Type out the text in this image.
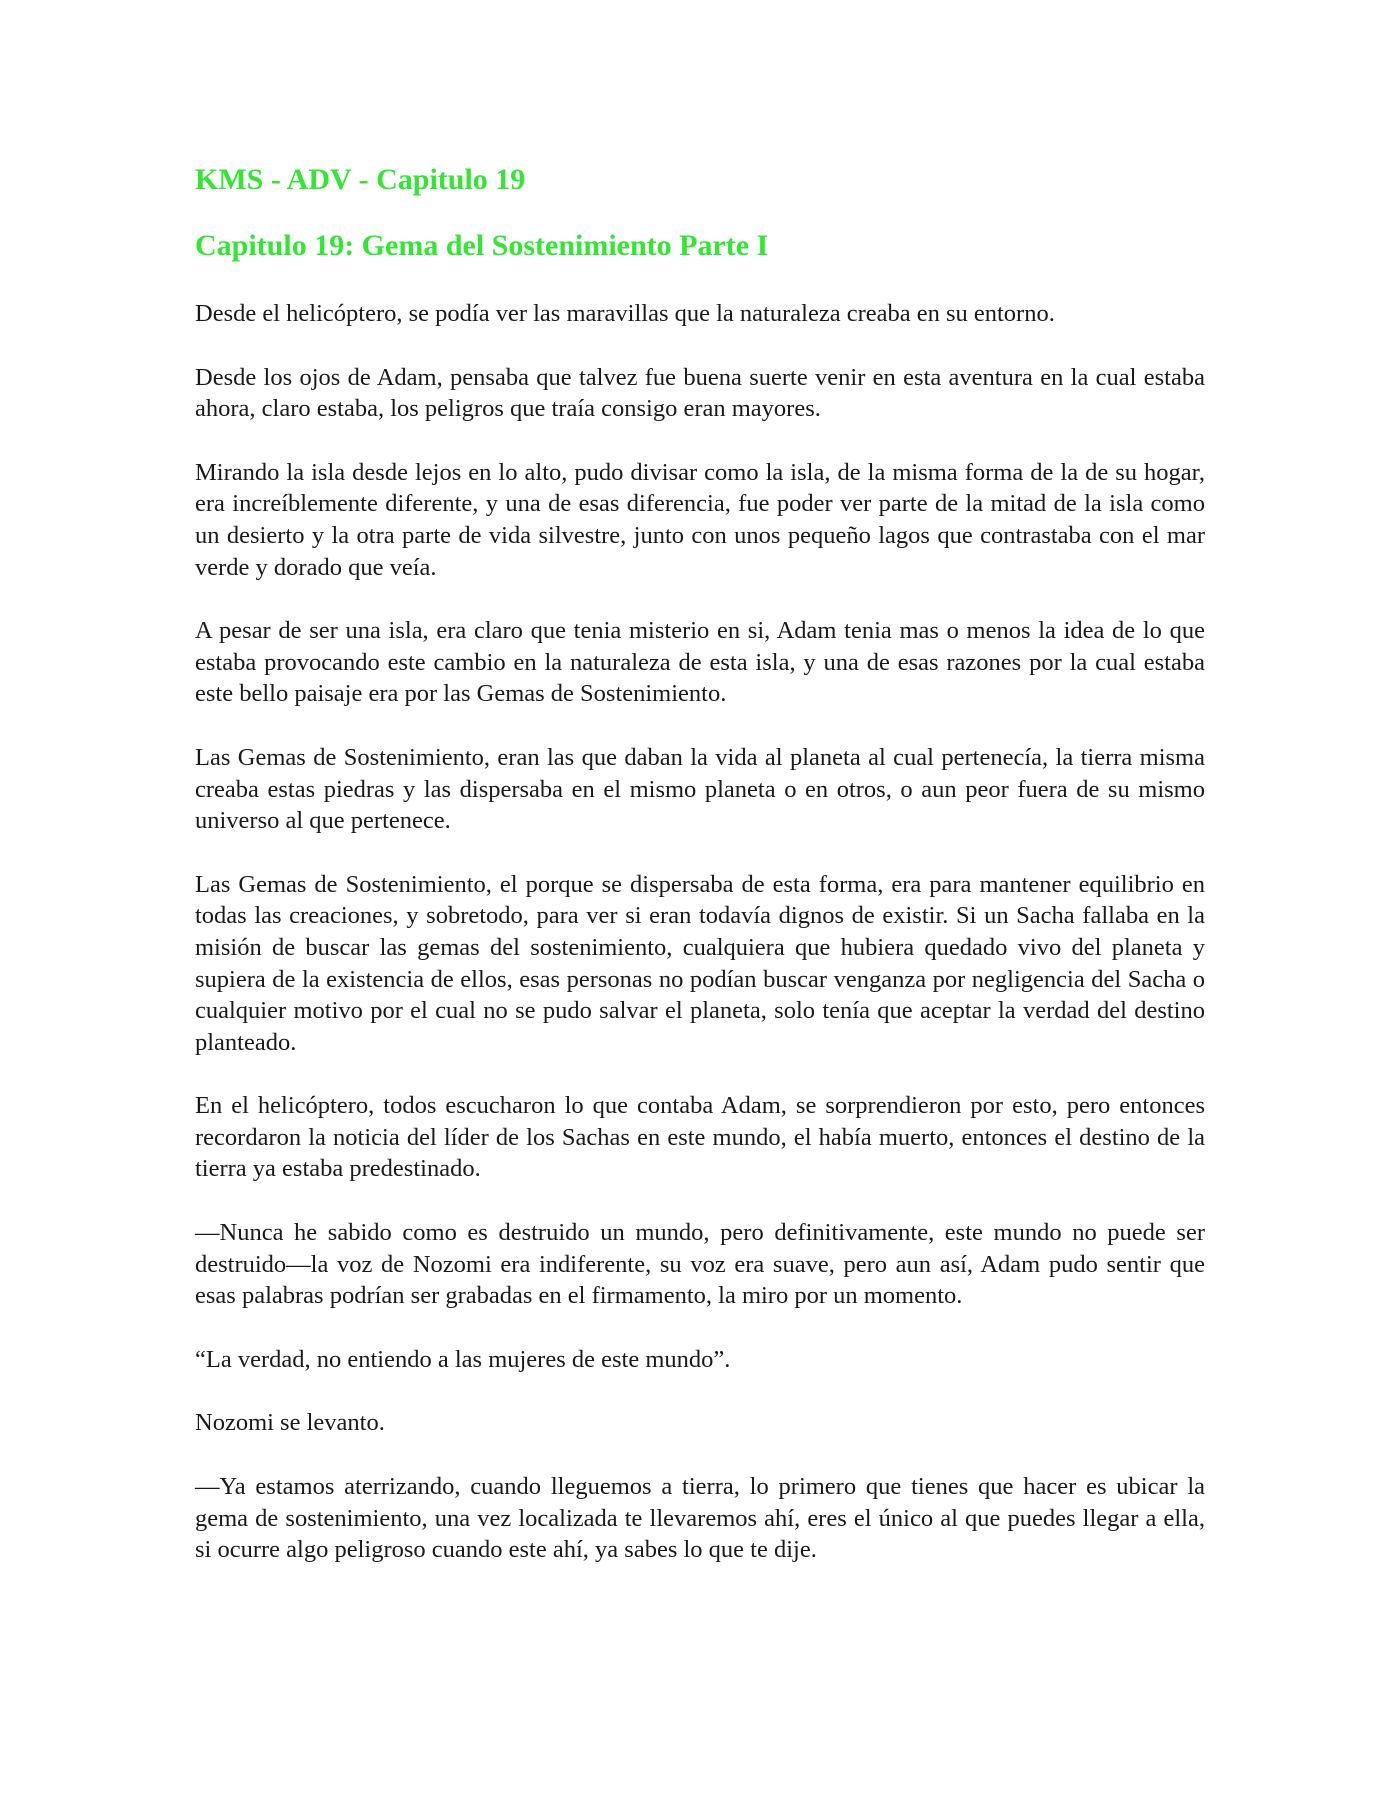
KMS - ADV - Capitulo 19
Capitulo 19: Gema del Sostenimiento Parte I

Desde el helicóptero, se podía ver las maravillas que la naturaleza creaba en su entorno.

Desde los ojos de Adam, pensaba que talvez fue buena suerte venir en esta aventura en la cual estaba ahora, claro estaba, los peligros que traía consigo eran mayores.

Mirando la isla desde lejos en lo alto, pudo divisar como la isla, de la misma forma de la de su hogar, era increíblemente diferente, y una de esas diferencia, fue poder ver parte de la mitad de la isla como un desierto y la otra parte de vida silvestre, junto con unos pequeño lagos que contrastaba con el mar verde y dorado que veía.

A pesar de ser una isla, era claro que tenia misterio en si, Adam tenia mas o menos la idea de lo que estaba provocando este cambio en la naturaleza de esta isla, y una de esas razones por la cual estaba este bello paisaje era por las Gemas de Sostenimiento.

Las Gemas de Sostenimiento, eran las que daban la vida al planeta al cual pertenecía, la tierra misma creaba estas piedras y las dispersaba en el mismo planeta o en otros, o aun peor fuera de su mismo universo al que pertenece.

Las Gemas de Sostenimiento, el porque se dispersaba de esta forma, era para mantener equilibrio en todas las creaciones, y sobretodo, para ver si eran todavía dignos de existir. Si un Sacha fallaba en la misión de buscar las gemas del sostenimiento, cualquiera que hubiera quedado vivo del planeta y supiera de la existencia de ellos, esas personas no podían buscar venganza por negligencia del Sacha o cualquier motivo por el cual no se pudo salvar el planeta, solo tenía que aceptar la verdad del destino planteado.

En el helicóptero, todos escucharon lo que contaba Adam, se sorprendieron por esto, pero entonces recordaron la noticia del líder de los Sachas en este mundo, el había muerto, entonces el destino de la tierra ya estaba predestinado.

—Nunca he sabido como es destruido un mundo, pero definitivamente, este mundo no puede ser destruido—la voz de Nozomi era indiferente, su voz era suave, pero aun así, Adam pudo sentir que esas palabras podrían ser grabadas en el firmamento, la miro por un momento.

“La verdad, no entiendo a las mujeres de este mundo”.

Nozomi se levanto.

—Ya estamos aterrizando, cuando lleguemos a tierra, lo primero que tienes que hacer es ubicar la gema de sostenimiento, una vez localizada te llevaremos ahí, eres el único al que puedes llegar a ella, si ocurre algo peligroso cuando este ahí, ya sabes lo que te dije.
